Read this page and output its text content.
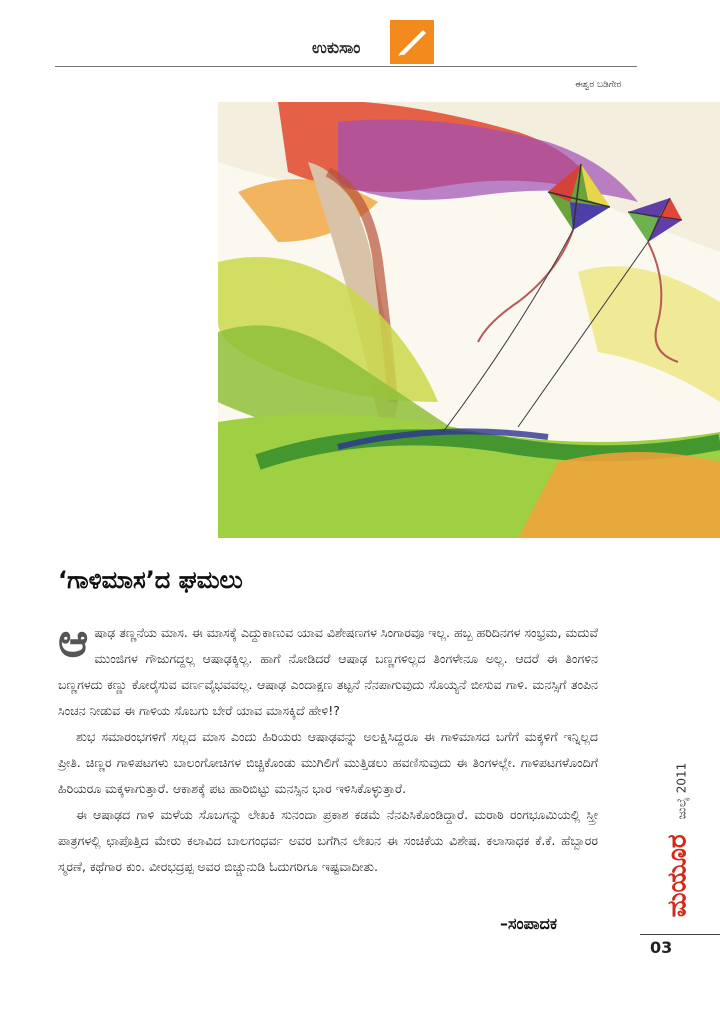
ಉಕುಸಾಂ
ಈಶ್ವರ ಬಡಿಗೇರ
‘ಗಾಳಿಮಾಸ’ದ ಘಮಲು

ಆಷಾಢ ತಣ್ಣನೆಯ ಮಾಸ. ಈ ಮಾಸಕ್ಕೆ ಎದ್ದುಕಾಣುವ ಯಾವ ವಿಶೇಷಣಗಳ ಸಿಂಗಾರವೂ ಇಲ್ಲ. ಹಬ್ಬ ಹರಿದಿನಗಳ ಸಂಭ್ರಮ, ಮದುವೆ ಮುಂಜಿಗಳ ಗೌಜುಗದ್ದಲ್ಲ ಆಷಾಢಕ್ಕಿಲ್ಲ. ಹಾಗೆ ನೋಡಿದರೆ ಆಷಾಢ ಬಣ್ಣಗಳಿಲ್ಲದ ತಿಂಗಳೇನೂ ಅಲ್ಲ. ಆದರೆ ಈ ತಿಂಗಳಿನ ಬಣ್ಣಗಳದು ಕಣ್ಣು ಕೋರೈಸುವ ವರ್ಣವೈಭವವಲ್ಲ. ಆಷಾಢ ಎಂದಾಕ್ಷಣ ತಟ್ಟನೆ ನೆನಪಾಗುವುದು ಸೊಯ್ಯನೆ ಬೀಸುವ ಗಾಳಿ. ಮನಸ್ಸಿಗೆ ತಂಪಿನ ಸಿಂಚನ ನೀಡುವ ಈ ಗಾಳಿಯ ಸೊಬಗು ಬೇರೆ ಯಾವ ಮಾಸಕ್ಕಿದೆ ಹೇಳಿ!?

ಶುಭ ಸಮಾರಂಭಗಳಿಗೆ ಸಲ್ಲದ ಮಾಸ ಎಂದು ಹಿರಿಯರು ಆಷಾಢವನ್ನು ಅಲಕ್ಷಿಸಿದ್ದರೂ ಈ ಗಾಳಿಮಾಸದ ಬಗೆಗೆ ಮಕ್ಕಳಿಗೆ ಇನ್ನಿಲ್ಲದ ಪ್ರೀತಿ. ಚಿಣ್ಣರ ಗಾಳಿಪಟಗಳು ಬಾಲಂಗೋಚಿಗಳ ಬಿಚ್ಚಿಕೊಂಡು ಮುಗಿಲಿಗೆ ಮುತ್ತಿಡಲು ಹವಣಿಸುವುದು ಈ ತಿಂಗಳಲ್ಲೇ. ಗಾಳಿಪಟಗಳೊಂದಿಗೆ ಹಿರಿಯರೂ ಮಕ್ಕಳಾಗುತ್ತಾರೆ. ಆಕಾಶಕ್ಕೆ ಪಟ ಹಾರಿಬಿಟ್ಟು ಮನಸ್ಸಿನ ಭಾರ ಇಳಿಸಿಕೊಳ್ಳುತ್ತಾರೆ.

ಈ ಆಷಾಢದ ಗಾಳಿ ಮಳೆಯ ಸೊಬಗನ್ನು ಲೇಖಕಿ ಸುನಂದಾ ಪ್ರಕಾಶ ಕಡಮೆ ನೆನಪಿಸಿಕೊಂಡಿದ್ದಾರೆ. ಮರಾಠಿ ರಂಗಭೂಮಿಯಲ್ಲಿ ಸ್ತ್ರೀ ಪಾತ್ರಗಳಲ್ಲಿ ಛಾಪೊತ್ತಿದ ಮೇರು ಕಲಾವಿದ ಬಾಲಗಂಧರ್ವ ಅವರ ಬಗೆಗಿನ ಲೇಖನ ಈ ಸಂಚಿಕೆಯ ವಿಶೇಷ. ಕಲಾಸಾಧಕ ಕೆ.ಕೆ. ಹೆಬ್ಬಾರರ ಸ್ಮರಣೆ, ಕಥೆಗಾರ ಕುಂ. ವೀರಭದ್ರಪ್ಪ ಅವರ ಬಿಚ್ಚುನುಡಿ ಓದುಗರಿಗೂ ಇಷ್ಟವಾದೀತು.

–ಸಂಪಾದಕ
ಮಯೂರ ಜುಲೈ 2011
03
